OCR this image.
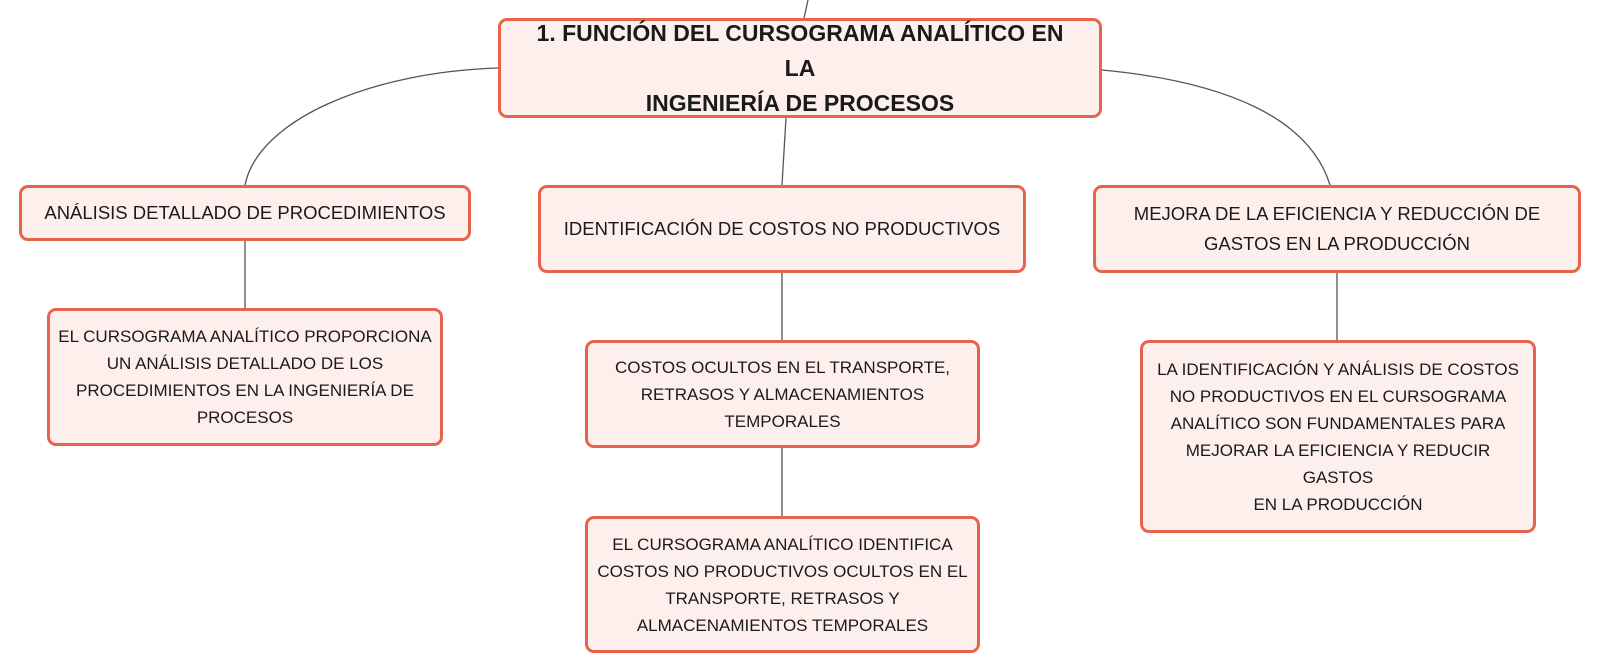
1. FUNCIÓN DEL CURSOGRAMA ANALÍTICO EN LA
INGENIERÍA DE PROCESOS
ANÁLISIS DETALLADO DE PROCEDIMIENTOS
IDENTIFICACIÓN DE COSTOS NO PRODUCTIVOS
MEJORA DE LA EFICIENCIA Y REDUCCIÓN DE
GASTOS EN LA PRODUCCIÓN
EL CURSOGRAMA ANALÍTICO PROPORCIONA
UN ANÁLISIS DETALLADO DE LOS
PROCEDIMIENTOS EN LA INGENIERÍA DE
PROCESOS
COSTOS OCULTOS EN EL TRANSPORTE,
RETRASOS Y ALMACENAMIENTOS
TEMPORALES
EL CURSOGRAMA ANALÍTICO IDENTIFICA
COSTOS NO PRODUCTIVOS OCULTOS EN EL
TRANSPORTE, RETRASOS Y
ALMACENAMIENTOS TEMPORALES
LA IDENTIFICACIÓN Y ANÁLISIS DE COSTOS
NO PRODUCTIVOS EN EL CURSOGRAMA
ANALÍTICO SON FUNDAMENTALES PARA
MEJORAR LA EFICIENCIA Y REDUCIR GASTOS
EN LA PRODUCCIÓN
